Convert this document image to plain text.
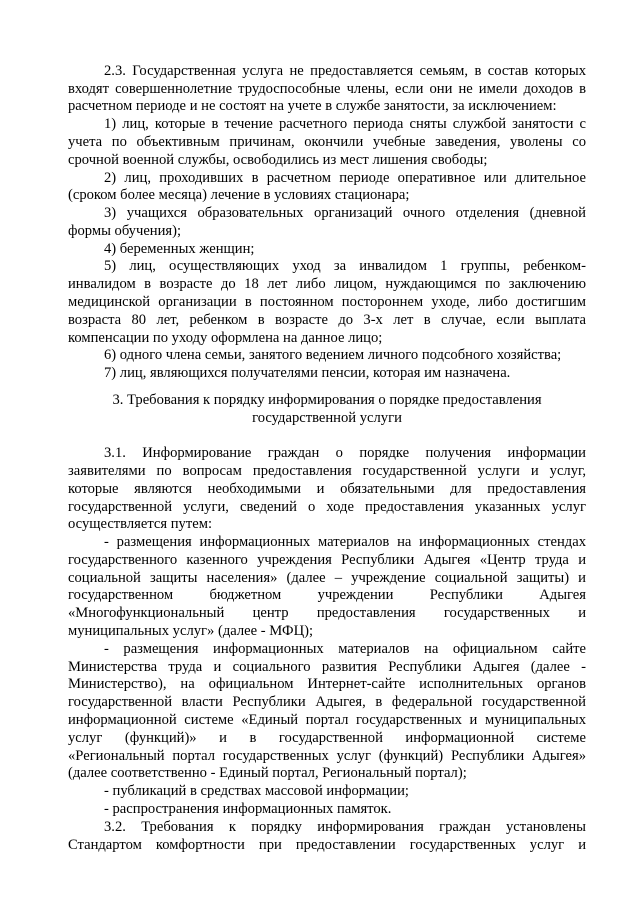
2.3. Государственная услуга не предоставляется семьям, в состав которых
входят совершеннолетние трудоспособные члены, если они не имели доходов в
расчетном периоде и не состоят на учете в службе занятости, за исключением:
1) лиц, которые в течение расчетного периода сняты службой занятости с
учета по объективным причинам, окончили учебные заведения, уволены со
срочной военной службы, освободились из мест лишения свободы;
2) лиц, проходивших в расчетном периоде оперативное или длительное
(сроком более месяца) лечение в условиях стационара;
3) учащихся образовательных организаций очного отделения (дневной
формы обучения);
4) беременных женщин;
5) лиц, осуществляющих уход за инвалидом 1 группы, ребенком-
инвалидом в возрасте до 18 лет либо лицом, нуждающимся по заключению
медицинской организации в постоянном постороннем уходе, либо достигшим
возраста 80 лет, ребенком в возрасте до 3-х лет в случае, если выплата
компенсации по уходу оформлена на данное лицо;
6) одного члена семьи, занятого ведением личного подсобного хозяйства;
7) лиц, являющихся получателями пенсии, которая им назначена.
3. Требования к порядку информирования о порядке предоставления
государственной услуги
3.1. Информирование граждан о порядке получения информации
заявителями по вопросам предоставления государственной услуги и услуг,
которые являются необходимыми и обязательными для предоставления
государственной услуги, сведений о ходе предоставления указанных услуг
осуществляется путем:
- размещения информационных материалов на информационных стендах
государственного казенного учреждения Республики Адыгея «Центр труда и
социальной защиты населения» (далее – учреждение социальной защиты) и
государственном бюджетном учреждении Республики Адыгея
«Многофункциональный центр предоставления государственных и
муниципальных услуг» (далее - МФЦ);
- размещения информационных материалов на официальном сайте
Министерства труда и социального развития Республики Адыгея (далее -
Министерство), на официальном Интернет-сайте исполнительных органов
государственной власти Республики Адыгея, в федеральной государственной
информационной системе «Единый портал государственных и муниципальных
услуг (функций)» и в государственной информационной системе
«Региональный портал государственных услуг (функций) Республики Адыгея»
(далее соответственно - Единый портал, Региональный портал);
- публикаций в средствах массовой информации;
- распространения информационных памяток.
3.2. Требования к порядку информирования граждан установлены
Стандартом комфортности при предоставлении государственных услуг и
